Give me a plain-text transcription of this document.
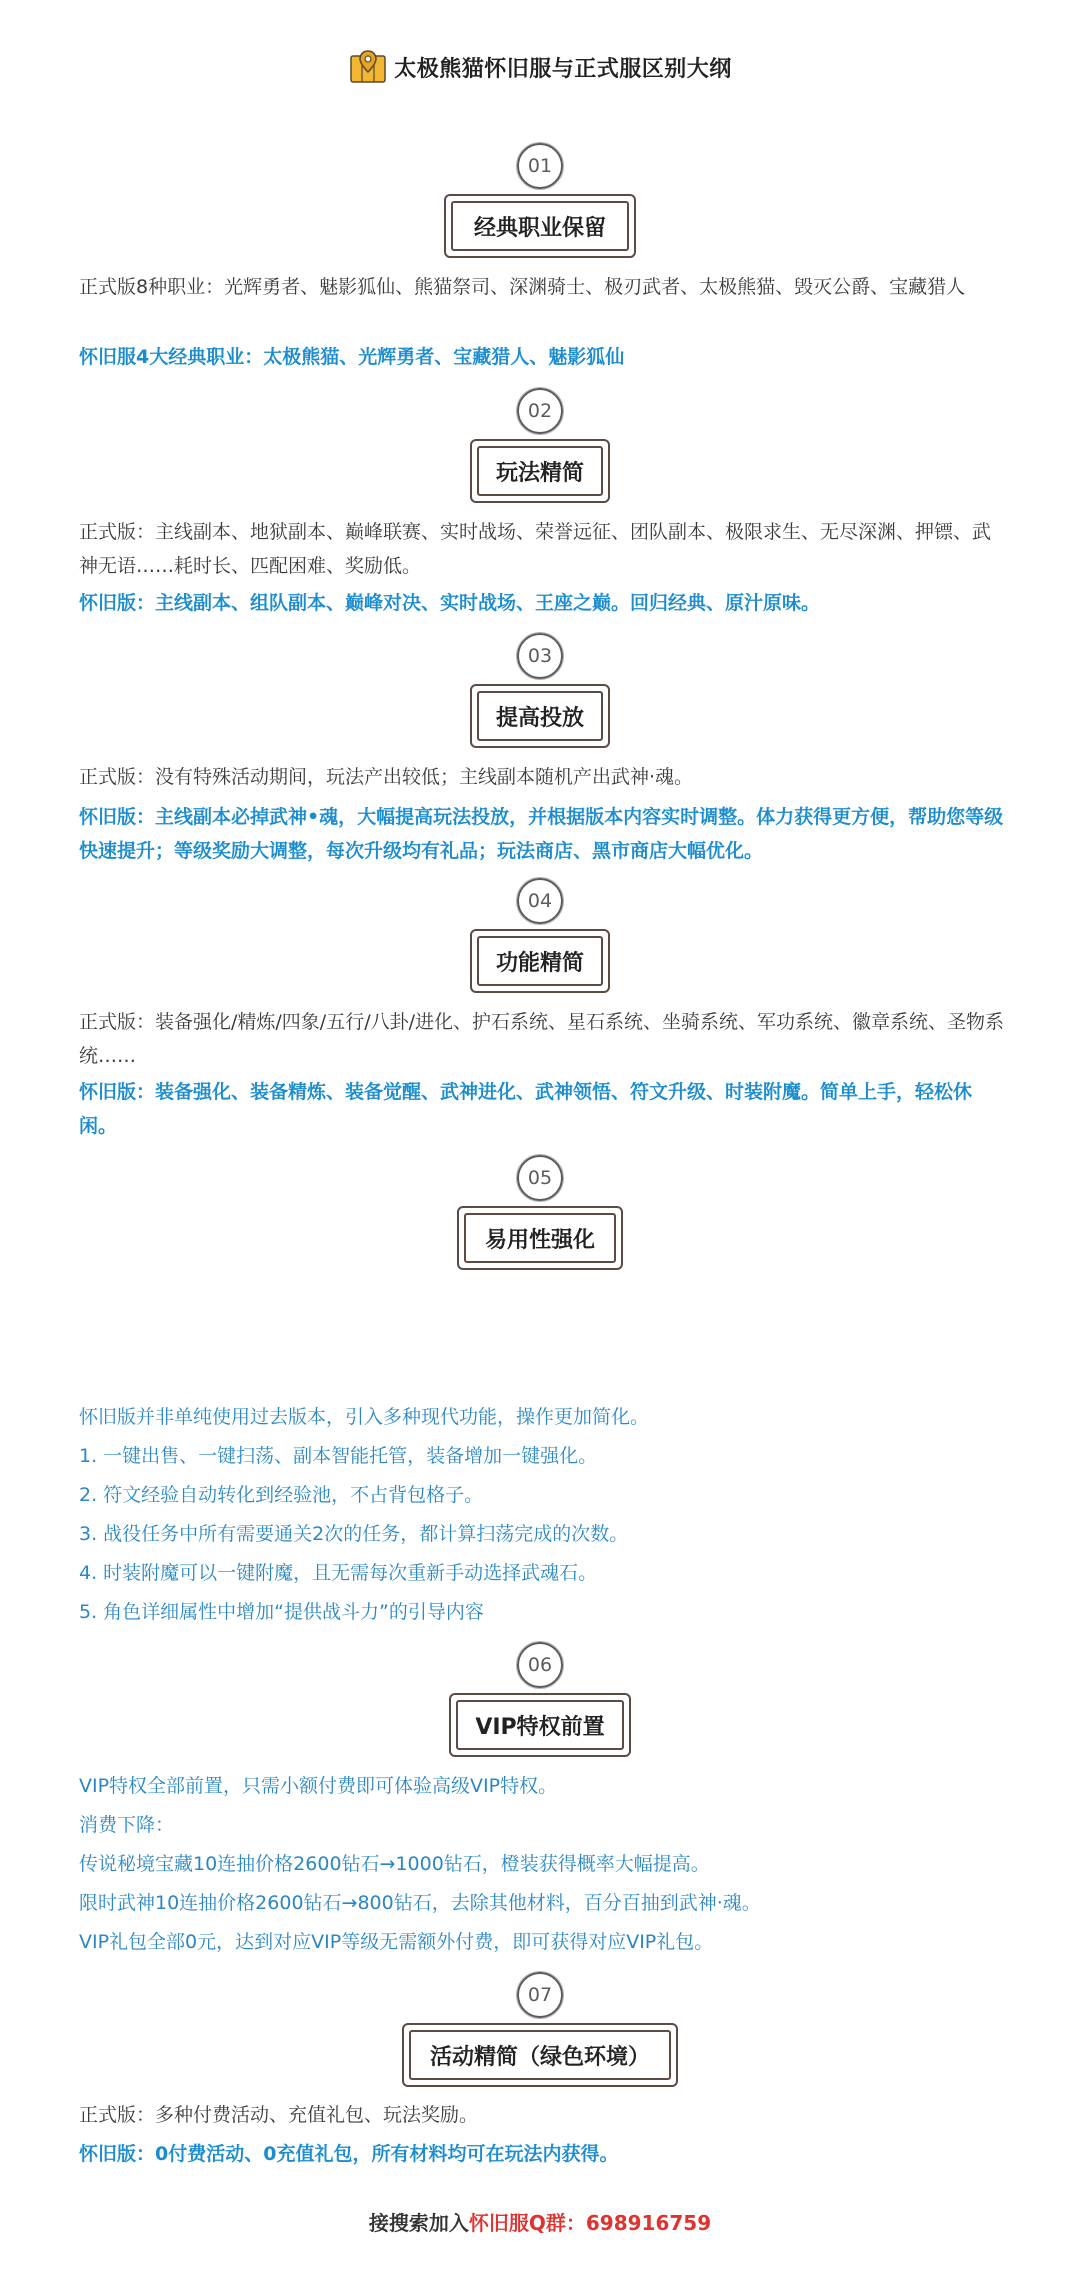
太极熊猫怀旧服与正式服区别大纲
01
经典职业保留
正式版8种职业：光辉勇者、魅影狐仙、熊猫祭司、深渊骑士、极刃武者、太极熊猫、毁灭公爵、宝藏猎人
怀旧服4大经典职业：太极熊猫、光辉勇者、宝藏猎人、魅影狐仙
02
玩法精简
正式版：主线副本、地狱副本、巅峰联赛、实时战场、荣誉远征、团队副本、极限求生、无尽深渊、押镖、武神无语……耗时长、匹配困难、奖励低。
怀旧版：主线副本、组队副本、巅峰对决、实时战场、王座之巅。回归经典、原汁原味。
03
提高投放
正式版：没有特殊活动期间，玩法产出较低；主线副本随机产出武神·魂。
怀旧版：主线副本必掉武神•魂，大幅提高玩法投放，并根据版本内容实时调整。体力获得更方便，帮助您等级快速提升；等级奖励大调整，每次升级均有礼品；玩法商店、黑市商店大幅优化。
04
功能精简
正式版：装备强化/精炼/四象/五行/八卦/进化、护石系统、星石系统、坐骑系统、军功系统、徽章系统、圣物系统……
怀旧版：装备强化、装备精炼、装备觉醒、武神进化、武神领悟、符文升级、时装附魔。简单上手，轻松休闲。
05
易用性强化
怀旧版并非单纯使用过去版本，引入多种现代功能，操作更加简化。
1. 一键出售、一键扫荡、副本智能托管，装备增加一键强化。
2. 符文经验自动转化到经验池，不占背包格子。
3. 战役任务中所有需要通关2次的任务，都计算扫荡完成的次数。
4. 时装附魔可以一键附魔，且无需每次重新手动选择武魂石。
5. 角色详细属性中增加“提供战斗力”的引导内容
06
VIP特权前置
VIP特权全部前置，只需小额付费即可体验高级VIP特权。
消费下降：
传说秘境宝藏10连抽价格2600钻石→1000钻石，橙装获得概率大幅提高。
限时武神10连抽价格2600钻石→800钻石，去除其他材料，百分百抽到武神·魂。
VIP礼包全部0元，达到对应VIP等级无需额外付费，即可获得对应VIP礼包。
07
活动精简（绿色环境）
正式版：多种付费活动、充值礼包、玩法奖励。
怀旧版：0付费活动、0充值礼包，所有材料均可在玩法内获得。
接搜索加入怀旧服Q群：698916759
